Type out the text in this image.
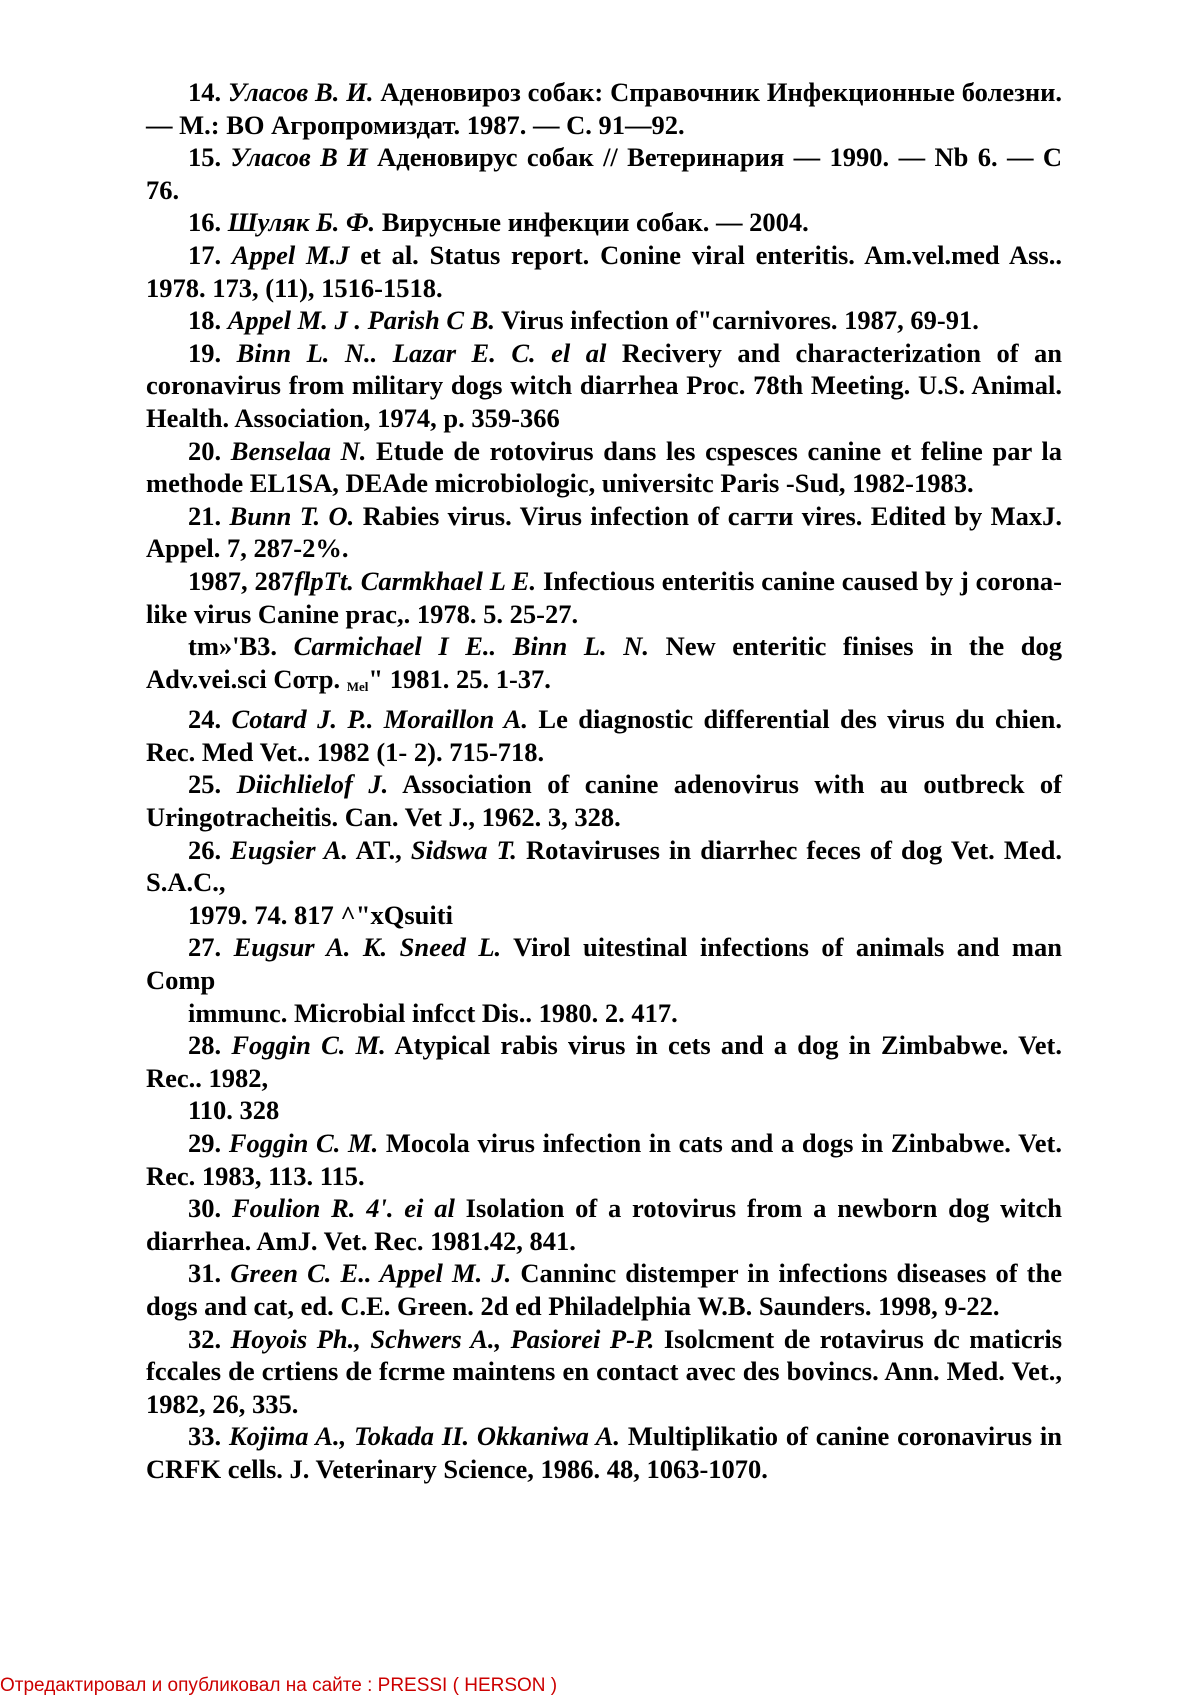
14. Уласов В. И. Аденовироз собак: Справочник Инфекционные болезни. — М.: ВО Агропромиздат. 1987. — С. 91—92.

15. Уласов В И Аденовирус собак // Ветеринария — 1990. — Nb 6. — С 76.

16. Шуляк Б. Ф. Вирусные инфекции собак. — 2004.

17. Appel M.J et al. Status report. Conine viral enteritis. Am.vel.med Ass.. 1978. 173, (11), 1516-1518.

18. Appel M. J . Parish C B. Virus infection of"carnivores. 1987, 69-91.

19. Binn L. N.. Lazar E. C. el al Recivery and characterization of an coronavirus from military dogs witch diarrhea Proc. 78th Meeting. U.S. Animal. Health. Association, 1974, p. 359-366

20. Benselaa N. Etude de rotovirus dans les cspesces canine et feline par la methode EL1SA, DEAde microbiologic, universitc Paris -Sud, 1982-1983.

21. Bunn T. O. Rabies virus. Virus infection of сагти vires. Edited by MaxJ. Appel. 7, 287-2%.

1987, 287flpTt. Carmkhael L E. Infectious enteritis canine caused by j corona-like virus Canine prac,. 1978. 5. 25-27.

tm»'B3. Carmichael I E.. Binn L. N. New enteritic finises in the dog Adv.vei.sci Сотр. $_{Mel}$" 1981. 25. 1-37.

24. Cotard J. P.. Moraillon A. Le diagnostic differential des virus du chien. Rec. Med Vet.. 1982 (1- 2). 715-718.

25. Diichlielof J. Association of canine adenovirus with au outbreck of Uringotracheitis. Can. Vet J., 1962. 3, 328.

26. Eugsier A. AT., Sidswa T. Rotaviruses in diarrhec feces of dog Vet. Med. S.A.C.,

1979. 74. 817 ^"xQsuiti

27. Eugsur A. K. Sneed L. Virol uitestinal infections of animals and man Comp

immunc. Microbial infcct Dis.. 1980. 2. 417.

28. Foggin C. M. Atypical rabis virus in cets and a dog in Zimbabwe. Vet. Rec.. 1982,

110. 328

29. Foggin C. M. Mocola virus infection in cats and a dogs in Zinbabwe. Vet. Rec. 1983, 113. 115.

30. Foulion R. 4'. ei al Isolation of a rotovirus from a newborn dog witch diarrhea. AmJ. Vet. Rec. 1981.42, 841.

31. Green C. E.. Appel M. J. Canninc distemper in infections diseases of the dogs and cat, ed. C.E. Green. 2d ed Philadelphia W.B. Saunders. 1998, 9-22.

32. Hoyois Ph., Schwers A., Pasiorei P-P. Isolcment de rotavirus dc maticris fccales de crtiens de fcrme maintens en contact avec des bovincs. Ann. Med. Vet., 1982, 26, 335.

33. Kojima A., Tokada II. Okkaniwa A. Multiplikatio of canine coronavirus in CRFK cells. J. Veterinary Science, 1986. 48, 1063-1070.

Отредактировал и опубликовал на сайте : PRESSI ( HERSON )
